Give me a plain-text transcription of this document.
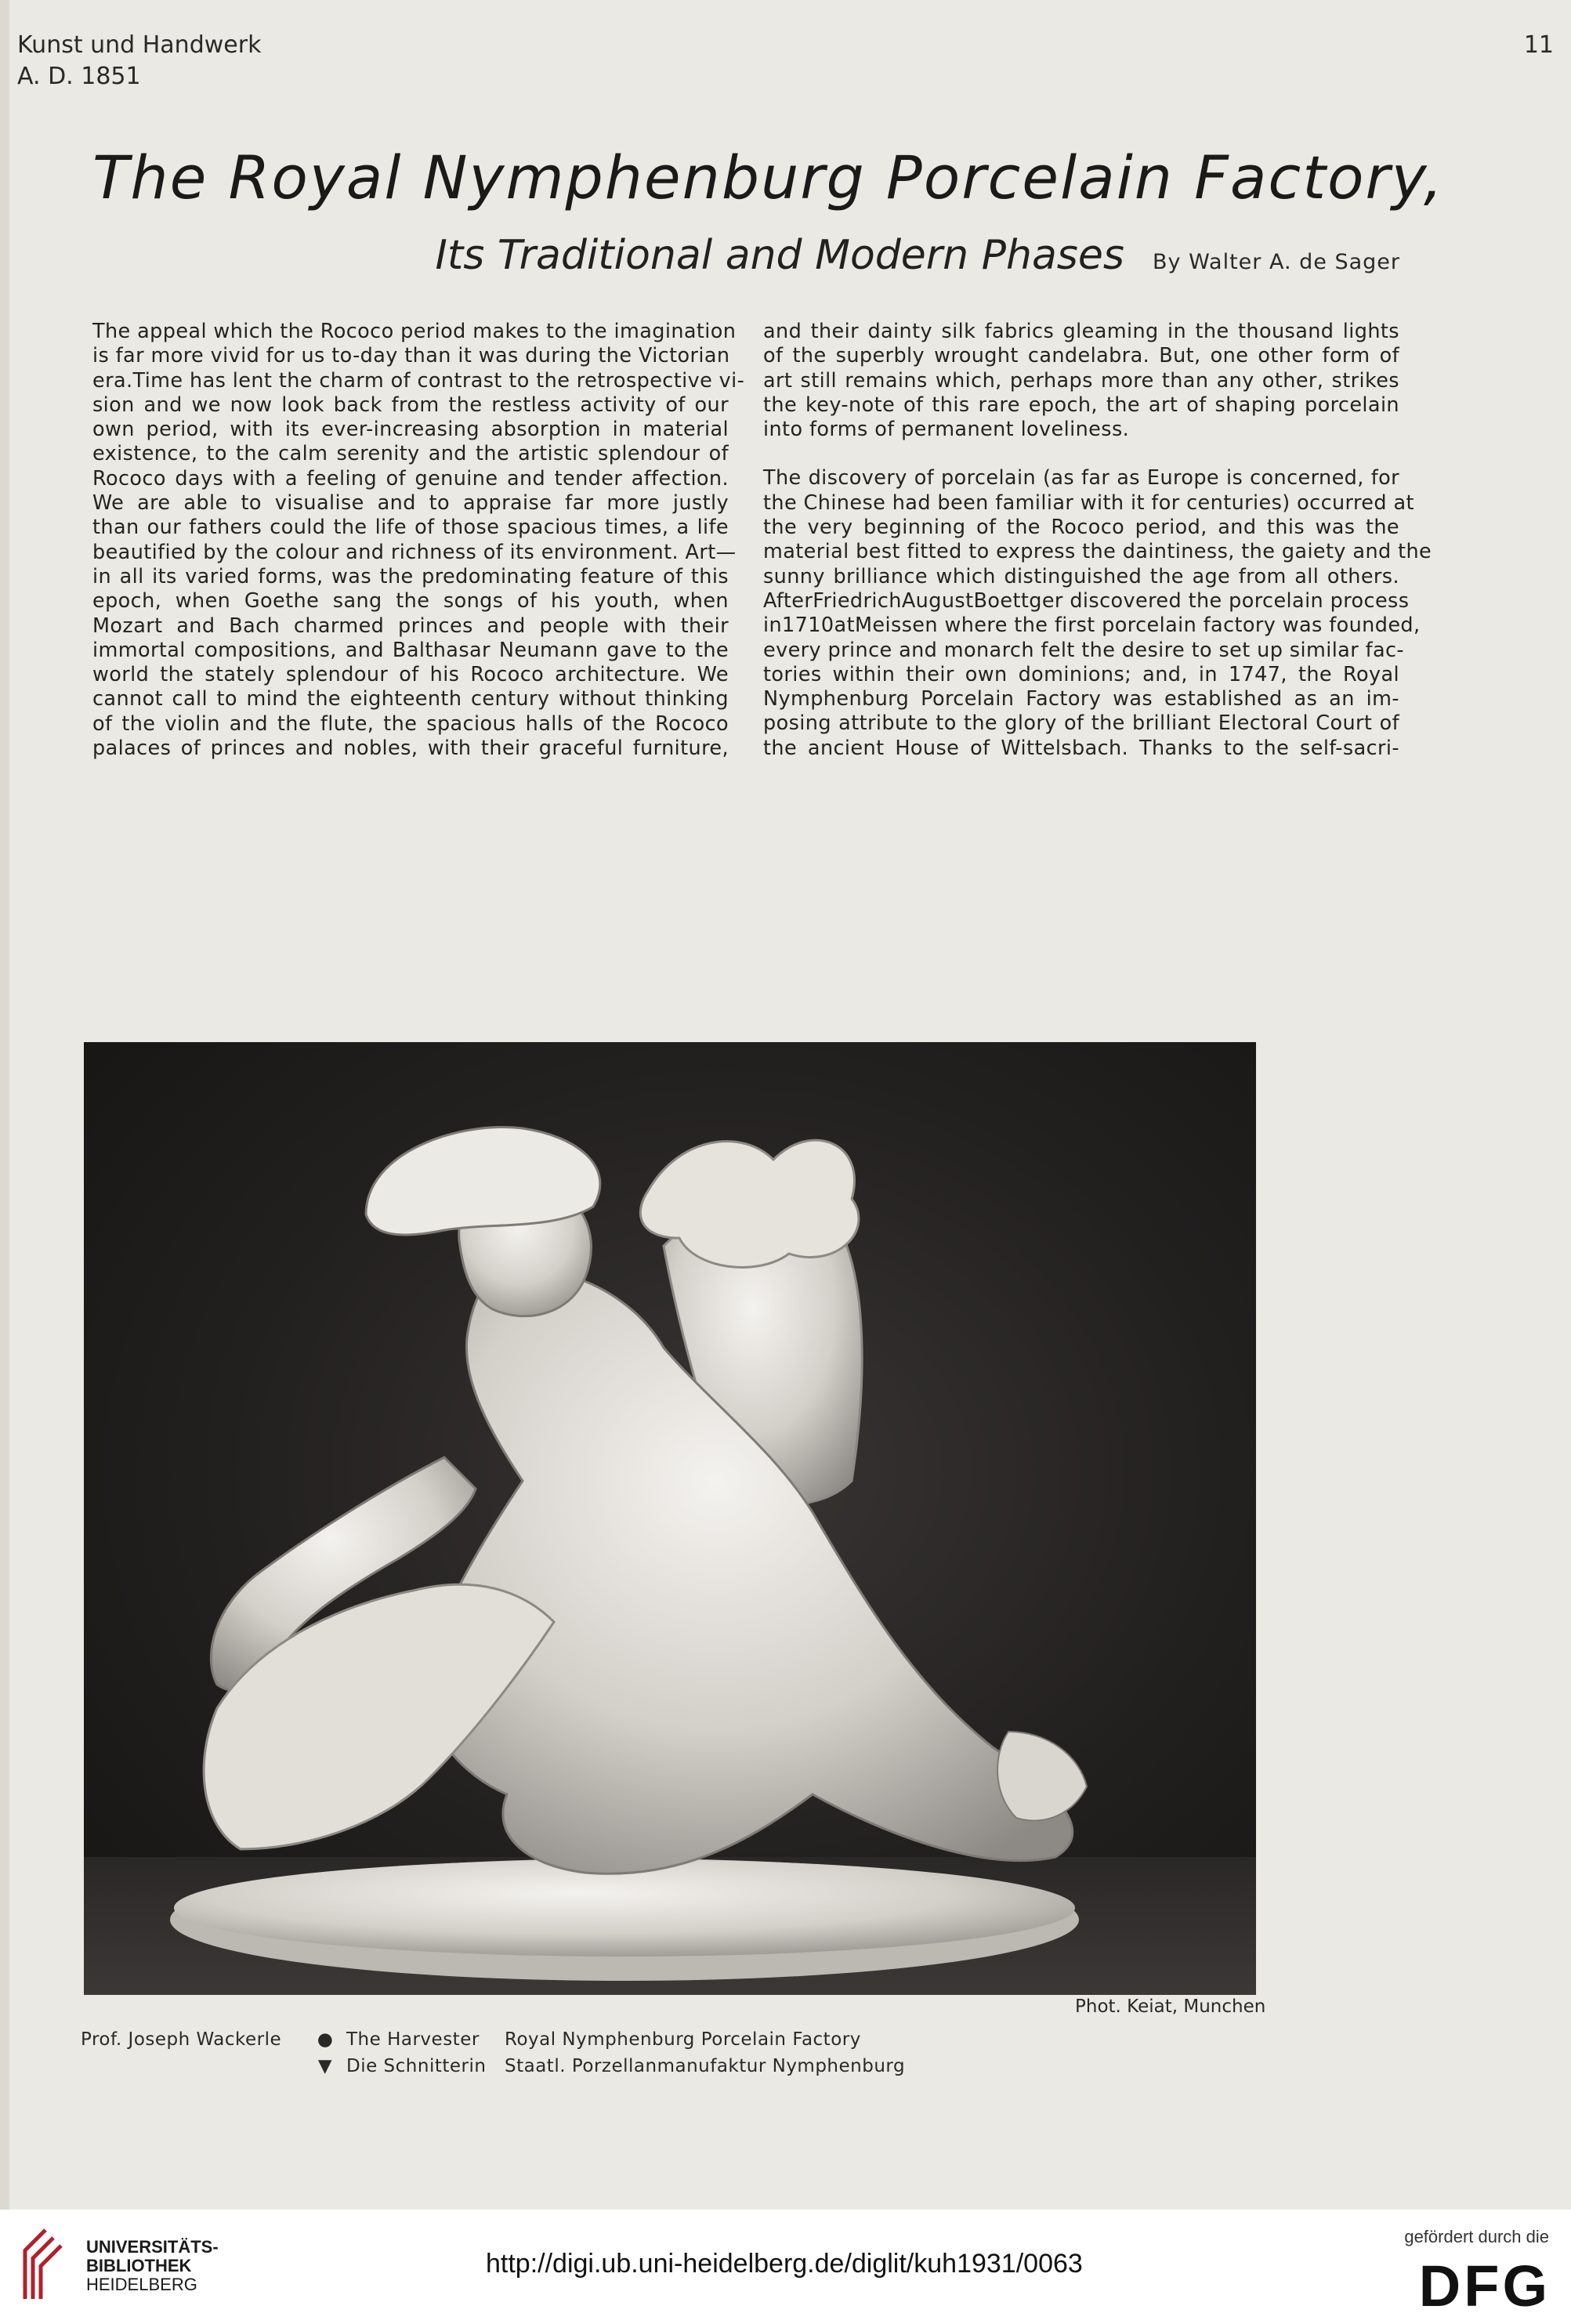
Kunst und Handwerk
A. D. 1851
11
The Royal Nymphenburg Porcelain Factory,
Its Traditional and Modern Phases By Walter A. de Sager

The appeal which the Rococo period makes to the imagination
is far more vivid for us to-day than it was during the Victorian
era.Time has lent the charm of contrast to the retrospective vi-
sion and we now look back from the restless activity of our
own period, with its ever-increasing absorption in material
existence, to the calm serenity and the artistic splendour of
Rococo days with a feeling of genuine and tender affection.
We are able to visualise and to appraise far more justly
than our fathers could the life of those spacious times, a life
beautified by the colour and richness of its environment. Art—
in all its varied forms, was the predominating feature of this
epoch, when Goethe sang the songs of his youth, when
Mozart and Bach charmed princes and people with their
immortal compositions, and Balthasar Neumann gave to the
world the stately splendour of his Rococo architecture. We
cannot call to mind the eighteenth century without thinking
of the violin and the flute, the spacious halls of the Rococo
palaces of princes and nobles, with their graceful furniture,

and their dainty silk fabrics gleaming in the thousand lights
of the superbly wrought candelabra. But, one other form of
art still remains which, perhaps more than any other, strikes
the key-note of this rare epoch, the art of shaping porcelain
into forms of permanent loveliness.

The discovery of porcelain (as far as Europe is concerned, for
the Chinese had been familiar with it for centuries) occurred at
the very beginning of the Rococo period, and this was the
material best fitted to express the daintiness, the gaiety and the
sunny brilliance which distinguished the age from all others.
AfterFriedrichAugustBoettger discovered the porcelain process
in1710atMeissen where the first porcelain factory was founded,
every prince and monarch felt the desire to set up similar fac-
tories within their own dominions; and, in 1747, the Royal
Nymphenburg Porcelain Factory was established as an im-
posing attribute to the glory of the brilliant Electoral Court of
the ancient House of Wittelsbach. Thanks to the self-sacri-

Phot. Keiat, Munchen
Prof. Joseph Wackerle ●
▼
The Harvester
Die Schnitterin
Royal Nymphenburg Porcelain Factory
Staatl. Porzellanmanufaktur Nymphenburg
UNIVERSITÄTS-
BIBLIOTHEK
HEIDELBERG
http://digi.ub.uni-heidelberg.de/diglit/kuh1931/0063
gefördert durch die
DFG
